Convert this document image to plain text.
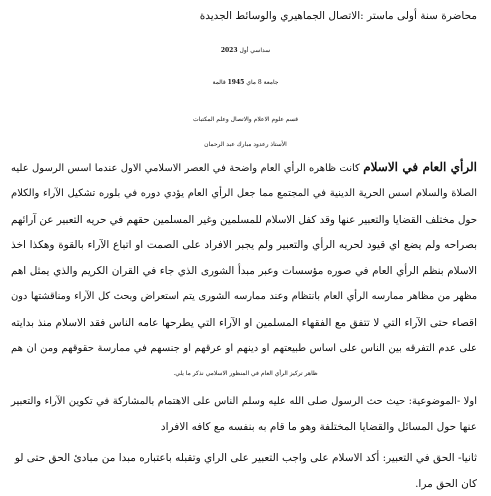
محاضرة سنة أولى ماستر :الاتصال الجماهيري والوسائط الجديدة
سداسي أول 2023
جامعة 8 ماي 1945 قالمة
قسم علوم الاعلام والاتصال وعلم المكتبات
الأستاذ رعدود مبارك عبد الرحمان
الرأي العام في الاسلام كانت ظاهره الرأي العام واضحة في العصر الاسلامي الاول عندما اسس الرسول عليه
الصلاة والسلام اسس الحرية الدينية في المجتمع مما جعل الرأي العام يؤدي دوره في بلوره تشكيل الآراء والكلام
حول مختلف القضايا والتعبير عنها وقد كفل الاسلام للمسلمين وغير المسلمين حقهم في حريه التعبير عن آرائهم
بصراحه ولم يضع اي قيود لحريه الرأي والتعبير ولم يجبر الافراد على الصمت او اتباع الآراء بالقوة وهكذا اخذ
الاسلام بنظم الرأي العام في صوره مؤسسات وعبر مبدأ الشورى الذي جاء في القران الكريم والذي يمثل اهم
مظهر من مظاهر ممارسه الرأي العام بانتظام وعند ممارسه الشورى يتم استعراض وبحث كل الآراء ومناقشتها دون
اقصاء حتى الآراء التي لا تتفق مع الفقهاء المسلمين او الآراء التي يطرحها عامه الناس فقد الاسلام منذ بدايته
على عدم التفرقه بين الناس على اساس طبيعتهم او دينهم او عرقهم او جنسهم في ممارسة حقوقهم ومن ان هم
ظاهر تركيز الرأي العام في المنظور الاسلامي نذكر ما يلي.
اولا -الموضوعية: حيث حث الرسول صلى الله عليه وسلم الناس على الاهتمام بالمشاركة في تكوين الآراء والتعبير
عنها حول المسائل والقضايا المختلفة وهو ما قام به بنفسه مع كافه الافراد
ثانيا- الحق في التعبير: أكد الاسلام على واجب التعبير على الراي وتقبله باعتباره مبدا من مبادئ الحق حتى لو
كان الحق مرا.
